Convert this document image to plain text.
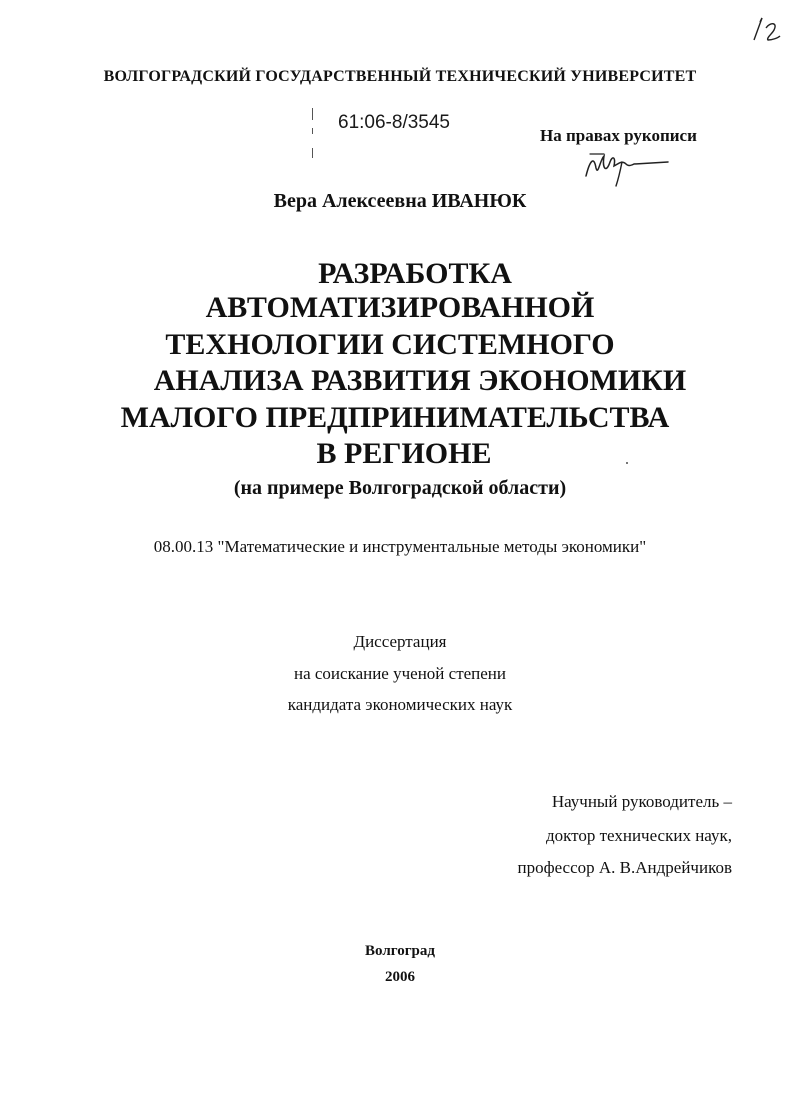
ВОЛГОГРАДСКИЙ ГОСУДАРСТВЕННЫЙ ТЕХНИЧЕСКИЙ УНИВЕРСИТЕТ
61:06-8/3545
На правах рукописи
Вера Алексеевна ИВАНЮК
РАЗРАБОТКА
АВТОМАТИЗИРОВАННОЙ
ТЕХНОЛОГИИ СИСТЕМНОГО
АНАЛИЗА РАЗВИТИЯ ЭКОНОМИКИ
МАЛОГО ПРЕДПРИНИМАТЕЛЬСТВА
В РЕГИОНЕ
(на примере Волгоградской области)
08.00.13 "Математические и инструментальные методы экономики"
Диссертация
на соискание ученой степени
кандидата экономических наук
Научный руководитель –
доктор технических наук,
профессор А. В.Андрейчиков
Волгоград
2006
